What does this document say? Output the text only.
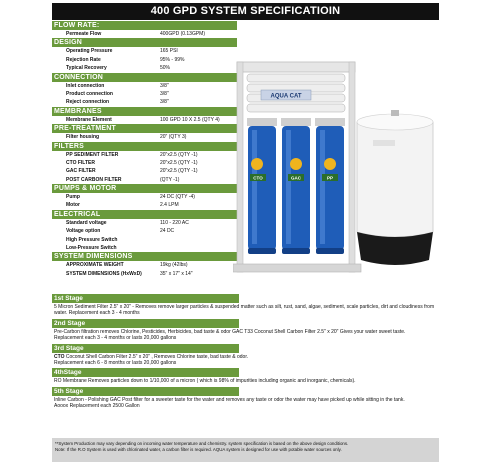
400 GPD SYSTEM SPECIFICATIOIN
FLOW RATE:
Permeate Flow	400GPD (0.13GPM)
DESIGN
Operating Pressure	165 PSI
Rejection Rate	95% - 99%
Typical Recovery	50%
CONNECTION
Inlet connection	3/8"
Product connection	3/8"
Reject connection	3/8"
MEMBRANES
Membrane Element	100 GPD 10 X 2.5 (QTY 4)
PRE-TREATMENT
Filter housing	20" (QTY 3)
FILTERS
PP SEDIMENT FILTER	20"x2.5 (QTY -1)
CTO FILTER	20"x2.5 (QTY -1)
GAC FILTER	20"x2.5 (QTY -1)
POST CARBON FILTER	(QTY -1)
PUMPS & MOTOR
Pump	24 DC (QTY -4)
Motor	2.4 LPM
ELECTRICAL
Standard voltage	110 - 220 AC
Voltage option	24 DC
High Pressure Switch
Low-Pressure Switch
SYSTEM DIMENSIONS
APPROXIMATE WEIGHT	19kg (42lbs)
SYSTEM DIMENSIONS (HxWxD)	35" x 17" x 14"
AQUA CAT
CTO	GAC	PP
1st Stage
5 Micron Sediment Filter 2.5" x 20" - Removes remove larger particles & suspended matter such as silt, rust, sand, algae, sediment, scale particles, dirt and cloudiness from water. Replacement each 3 - 4 months
2nd Stage
Pre-Carbon filtration removes Chlorine, Pesticides, Herbicides, bad taste & odor GAC T33 Coconut Shell Carbon Filter 2.5" x 20" Gives your water sweet taste.
Replacement each 3 - 4 months or lasts 20,000 gallons
3rd Stage
CTO Coconut Shell Carbon Filter 2.5" x 20" , Removes Chlorine taste, bad taste & odor.
Replacement each 6 - 8 months or lasts 20,000 gallons
4thStage
RO Membrane Removes particles down to 1/10,000 of a micron ( which is 98% of impurities including organic and inorganic, chemicals).
5th Stage
Inline Carbon - Polishing GAC Post filter for a sweeter taste for the water and removes any taste or odor the water may have picked up while sitting in the tank.
Aooox Replacement each 2500 Gallon
**System Production may vary depending on incoming water temperature and chemistry. system specification is based on the above design conditions.
Note: If the R.O System is used with chlorinated water, a carbon filter is required. AQUA system is designed for use with potable water sources only.
